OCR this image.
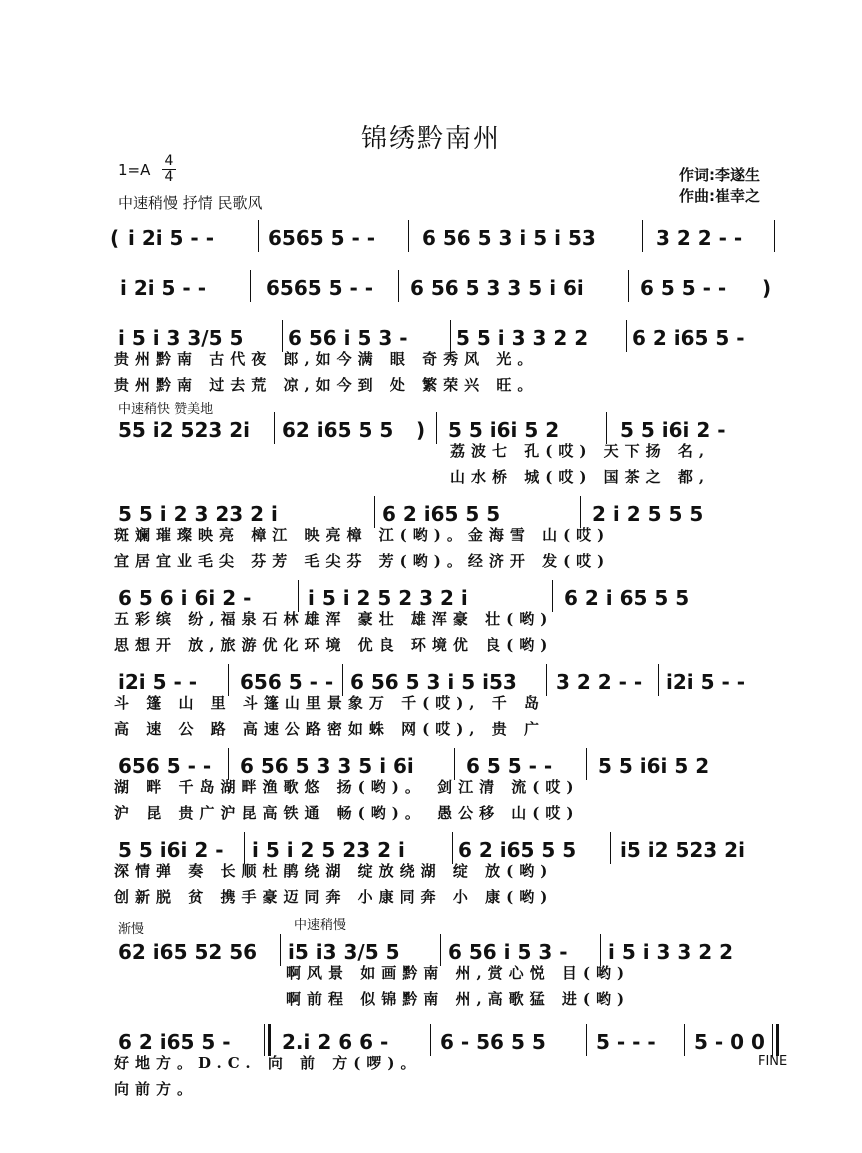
锦绣黔南州
$1=A \frac{4}{4}$
中速稍慢 抒情 民歌风
作词:李遂生
作曲:崔幸之
( i 2i 5 - -	6565 5 - - 6 56 5 3 i 5 i 53	3 2 2 - -
i 2i 5 - -	6565 5 - - 6 56 5 3 3 5 i 6i	6 5 5 - - )
i 5 i 3 3/5 5 6 56 i 5 3 - 5 5 i 3 3 2 2 6 2 i65 5 -
贵州黔南 古代夜 郎,如今满 眼 奇秀风 光。
贵州黔南 过去荒 凉,如今到 处 繁荣兴 旺。
中速稍快 赞美地
55 i2 523 2i 62 i65 5 5 ) 5 5 i6i 5 2	5 5 i6i 2 -
荔波七 孔(哎) 天下扬 名,
山水桥 城(哎) 国茶之 都,
5 5 i 2 3 23 2 i	6 2 i65 5 5	2 i 2 5 5 5
斑斓璀璨映亮 樟江 映亮樟 江(哟)。金海雪 山(哎)
宜居宜业毛尖 芬芳 毛尖芬 芳(哟)。经济开 发(哎)
6 5 6 i 6i 2 -	i 5 i 2 5 2 3 2 i	6 2 i 65 5 5
五彩缤 纷,福泉石林雄浑 豪壮 雄浑豪 壮(哟)
思想开 放,旅游优化环境 优良 环境优 良(哟)
i2i 5 - - 656 5 - - 6 56 5 3 i 5 i53 3 2 2 - - i2i 5 - -
斗 篷 山 里 斗篷山里景象万 千(哎), 千 岛
高 速 公 路 高速公路密如蛛 网(哎), 贵 广
656 5 - - 6 56 5 3 3 5 i 6i	6 5 5 - - 5 5 i6i 5 2
湖 畔 千岛湖畔渔歌悠 扬(哟)。 剑江清 流(哎)
沪 昆 贵广沪昆高铁通 畅(哟)。 愚公移 山(哎)
5 5 i6i 2 - i 5 i 2 5 23 2 i	6 2 i65 5 5 i5 i2 523 2i
深情弹 奏 长顺杜鹃绕湖 绽放绕湖 绽 放(哟)
创新脱 贫 携手豪迈同奔 小康同奔 小 康(哟)
渐慢	中速稍慢
62 i65 52 56 i5 i3 3/5 5 6 56 i 5 3 - i 5 i 3 3 2 2
啊风景 如画黔南 州,赏心悦 目(哟)
啊前程 似锦黔南 州,高歌猛 进(哟)
6 2 i65 5 -	2.i 2 6 6 -	6 - 56 5 5	5 - - - 5 - 0 0
好地方。D.C. 向 前 方(啰)。
向前方。
FINE
